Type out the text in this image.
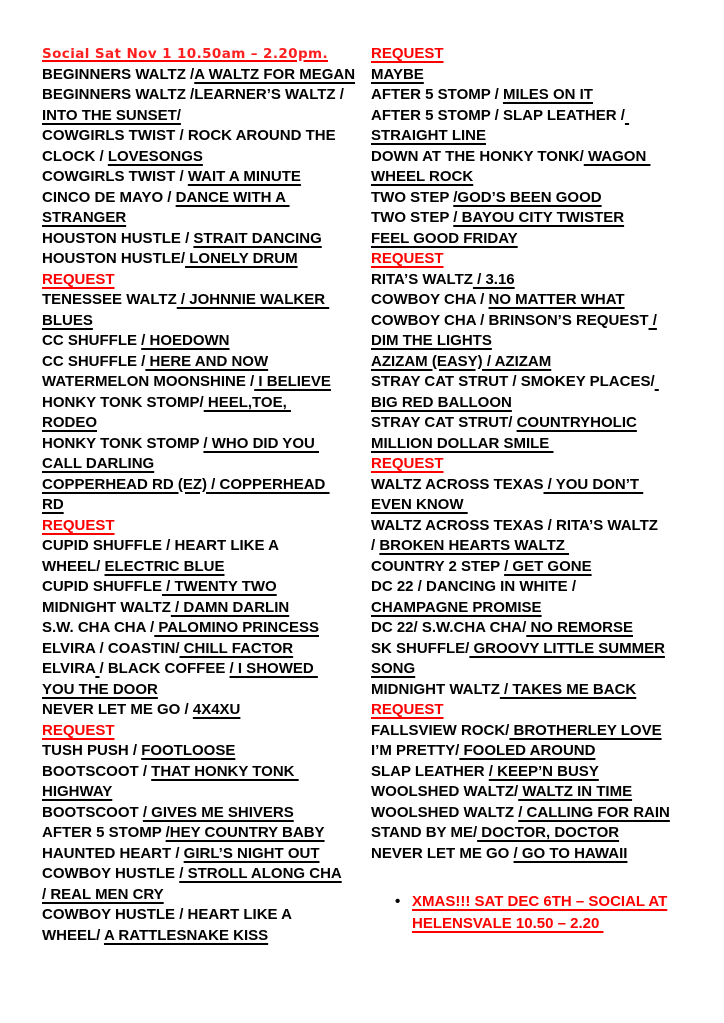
Social Sat Nov 1 10.50am – 2.20pm.
BEGINNERS WALTZ /A WALTZ FOR MEGAN
BEGINNERS WALTZ /LEARNER’S WALTZ /
INTO THE SUNSET/
COWGIRLS TWIST / ROCK AROUND THE
CLOCK / LOVESONGS
COWGIRLS TWIST / WAIT A MINUTE
CINCO DE MAYO / DANCE WITH A
STRANGER
HOUSTON HUSTLE / STRAIT DANCING
HOUSTON HUSTLE/ LONELY DRUM
REQUEST
TENESSEE WALTZ / JOHNNIE WALKER
BLUES
CC SHUFFLE / HOEDOWN
CC SHUFFLE / HERE AND NOW
WATERMELON MOONSHINE / I BELIEVE
HONKY TONK STOMP/ HEEL,TOE,
RODEO
HONKY TONK STOMP / WHO DID YOU
CALL DARLING
COPPERHEAD RD (EZ) / COPPERHEAD
RD
REQUEST
CUPID SHUFFLE / HEART LIKE A
WHEEL/ ELECTRIC BLUE
CUPID SHUFFLE / TWENTY TWO
MIDNIGHT WALTZ / DAMN DARLIN
S.W. CHA CHA / PALOMINO PRINCESS
ELVIRA / COASTIN/ CHILL FACTOR
ELVIRA / BLACK COFFEE / I SHOWED
YOU THE DOOR
NEVER LET ME GO / 4X4XU
REQUEST
TUSH PUSH / FOOTLOOSE
BOOTSCOOT / THAT HONKY TONK
HIGHWAY
BOOTSCOOT / GIVES ME SHIVERS
AFTER 5 STOMP /HEY COUNTRY BABY
HAUNTED HEART / GIRL’S NIGHT OUT
COWBOY HUSTLE / STROLL ALONG CHA
/ REAL MEN CRY
COWBOY HUSTLE / HEART LIKE A
WHEEL/ A RATTLESNAKE KISS
REQUEST
MAYBE
AFTER 5 STOMP / MILES ON IT
AFTER 5 STOMP / SLAP LEATHER /
STRAIGHT LINE
DOWN AT THE HONKY TONK/ WAGON
WHEEL ROCK
TWO STEP /GOD’S BEEN GOOD
TWO STEP / BAYOU CITY TWISTER
FEEL GOOD FRIDAY
REQUEST
RITA’S WALTZ / 3.16
COWBOY CHA / NO MATTER WHAT
COWBOY CHA / BRINSON’S REQUEST /
DIM THE LIGHTS
AZIZAM (EASY) / AZIZAM
STRAY CAT STRUT / SMOKEY PLACES/
BIG RED BALLOON
STRAY CAT STRUT/ COUNTRYHOLIC
MILLION DOLLAR SMILE
REQUEST
WALTZ ACROSS TEXAS / YOU DON’T
EVEN KNOW
WALTZ ACROSS TEXAS / RITA’S WALTZ
/ BROKEN HEARTS WALTZ
COUNTRY 2 STEP / GET GONE
DC 22 / DANCING IN WHITE /
CHAMPAGNE PROMISE
DC 22/ S.W.CHA CHA/ NO REMORSE
SK SHUFFLE/ GROOVY LITTLE SUMMER
SONG
MIDNIGHT WALTZ / TAKES ME BACK
REQUEST
FALLSVIEW ROCK/ BROTHERLEY LOVE
I’M PRETTY/ FOOLED AROUND
SLAP LEATHER / KEEP’N BUSY
WOOLSHED WALTZ/ WALTZ IN TIME
WOOLSHED WALTZ / CALLING FOR RAIN
STAND BY ME/ DOCTOR, DOCTOR
NEVER LET ME GO / GO TO HAWAII
• XMAS!!! SAT DEC 6TH – SOCIAL AT
HELENSVALE 10.50 – 2.20
